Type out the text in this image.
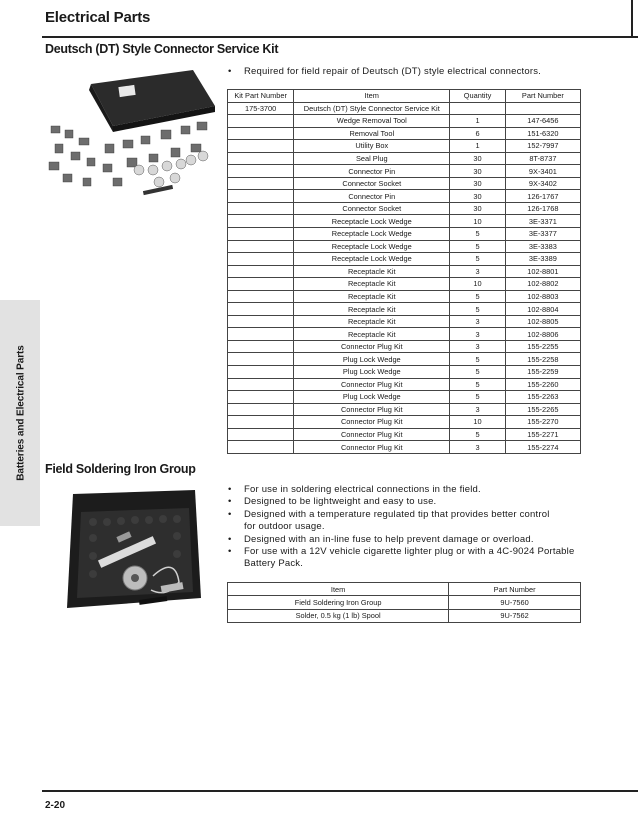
Electrical Parts
Batteries and Electrical Parts
Deutsch (DT) Style Connector Service Kit
• Required for field repair of Deutsch (DT) style electrical connectors.
Kit Part Number	Item	Quantity	Part Number
175-3700	Deutsch (DT) Style Connector Service Kit		
	Wedge Removal Tool	1	147-6456
	Removal Tool	6	151-6320
	Utility Box	1	152-7997
	Seal Plug	30	8T-8737
	Connector Pin	30	9X-3401
	Connector Socket	30	9X-3402
	Connector Pin	30	126-1767
	Connector Socket	30	126-1768
	Receptacle Lock Wedge	10	3E-3371
	Receptacle Lock Wedge	5	3E-3377
	Receptacle Lock Wedge	5	3E-3383
	Receptacle Lock Wedge	5	3E-3389
	Receptacle Kit	3	102-8801
	Receptacle Kit	10	102-8802
	Receptacle Kit	5	102-8803
	Receptacle Kit	5	102-8804
	Receptacle Kit	3	102-8805
	Receptacle Kit	3	102-8806
	Connector Plug Kit	3	155-2255
	Plug Lock Wedge	5	155-2258
	Plug Lock Wedge	5	155-2259
	Connector Plug Kit	5	155-2260
	Plug Lock Wedge	5	155-2263
	Connector Plug Kit	3	155-2265
	Connector Plug Kit	10	155-2270
	Connector Plug Kit	5	155-2271
	Connector Plug Kit	3	155-2274
Field Soldering Iron Group
• For use in soldering electrical connections in the field.
• Designed to be lightweight and easy to use.
• Designed with a temperature regulated tip that provides better control
for outdoor usage.
• Designed with an in-line fuse to help prevent damage or overload.
• For use with a 12V vehicle cigarette lighter plug or with a 4C-9024 Portable
Battery Pack.
Item	Part Number
Field Soldering Iron Group	9U-7560
Solder, 0.5 kg (1 lb) Spool	9U-7562
2-20
